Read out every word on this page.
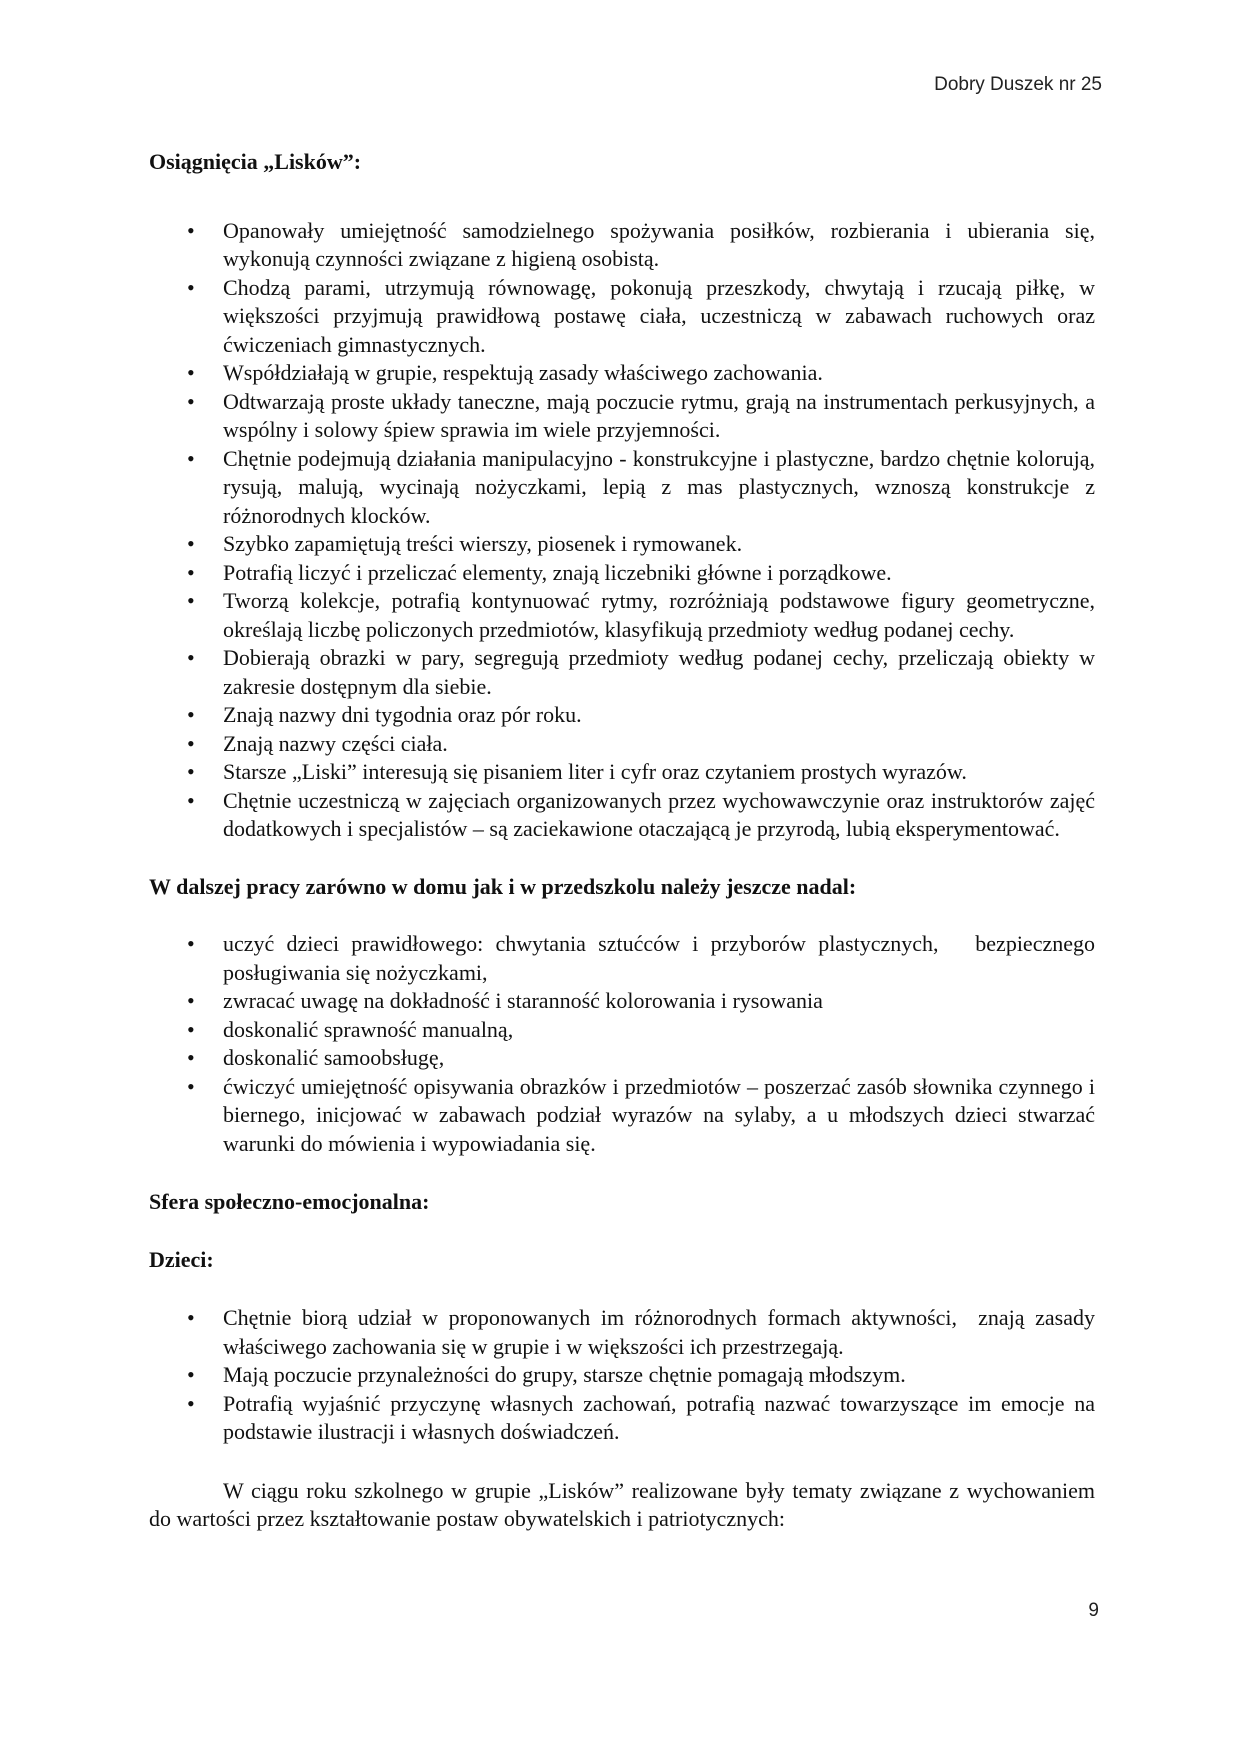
Dobry Duszek nr 25

Osiągnięcia „Lisków”:

• Opanowały umiejętność samodzielnego spożywania posiłków, rozbierania i ubierania się, wykonują czynności związane z higieną osobistą.
• Chodzą parami, utrzymują równowagę, pokonują przeszkody, chwytają i rzucają piłkę, w większości przyjmują prawidłową postawę ciała, uczestniczą w zabawach ruchowych oraz ćwiczeniach gimnastycznych.
• Współdziałają w grupie, respektują zasady właściwego zachowania.
• Odtwarzają proste układy taneczne, mają poczucie rytmu, grają na instrumentach perkusyjnych, a wspólny i solowy śpiew sprawia im wiele przyjemności.
• Chętnie podejmują działania manipulacyjno - konstrukcyjne i plastyczne, bardzo chętnie kolorują, rysują, malują, wycinają nożyczkami, lepią z mas plastycznych, wznoszą konstrukcje z różnorodnych klocków.
• Szybko zapamiętują treści wierszy, piosenek i rymowanek.
• Potrafią liczyć i przeliczać elementy, znają liczebniki główne i porządkowe.
• Tworzą kolekcje, potrafią kontynuować rytmy, rozróżniają podstawowe figury geometryczne, określają liczbę policzonych przedmiotów, klasyfikują przedmioty według podanej cechy.
• Dobierają obrazki w pary, segregują przedmioty według podanej cechy, przeliczają obiekty w zakresie dostępnym dla siebie.
• Znają nazwy dni tygodnia oraz pór roku.
• Znają nazwy części ciała.
• Starsze „Liski” interesują się pisaniem liter i cyfr oraz czytaniem prostych wyrazów.
• Chętnie uczestniczą w zajęciach organizowanych przez wychowawczynie oraz instruktorów zajęć dodatkowych i specjalistów – są zaciekawione otaczającą je przyrodą, lubią eksperymentować.

W dalszej pracy zarówno w domu jak i w przedszkolu należy jeszcze nadal:

• uczyć dzieci prawidłowego: chwytania sztućców i przyborów plastycznych,   bezpiecznego posługiwania się nożyczkami,
• zwracać uwagę na dokładność i staranność kolorowania i rysowania
• doskonalić sprawność manualną,
• doskonalić samoobsługę,
• ćwiczyć umiejętność opisywania obrazków i przedmiotów – poszerzać zasób słownika czynnego i biernego, inicjować w zabawach podział wyrazów na sylaby, a u młodszych dzieci stwarzać warunki do mówienia i wypowiadania się.

Sfera społeczno-emocjonalna:

Dzieci:

• Chętnie biorą udział w proponowanych im różnorodnych formach aktywności,  znają zasady właściwego zachowania się w grupie i w większości ich przestrzegają.
• Mają poczucie przynależności do grupy, starsze chętnie pomagają młodszym.
• Potrafią wyjaśnić przyczynę własnych zachowań, potrafią nazwać towarzyszące im emocje na podstawie ilustracji i własnych doświadczeń.

W ciągu roku szkolnego w grupie „Lisków” realizowane były tematy związane z wychowaniem do wartości przez kształtowanie postaw obywatelskich i patriotycznych:

9
